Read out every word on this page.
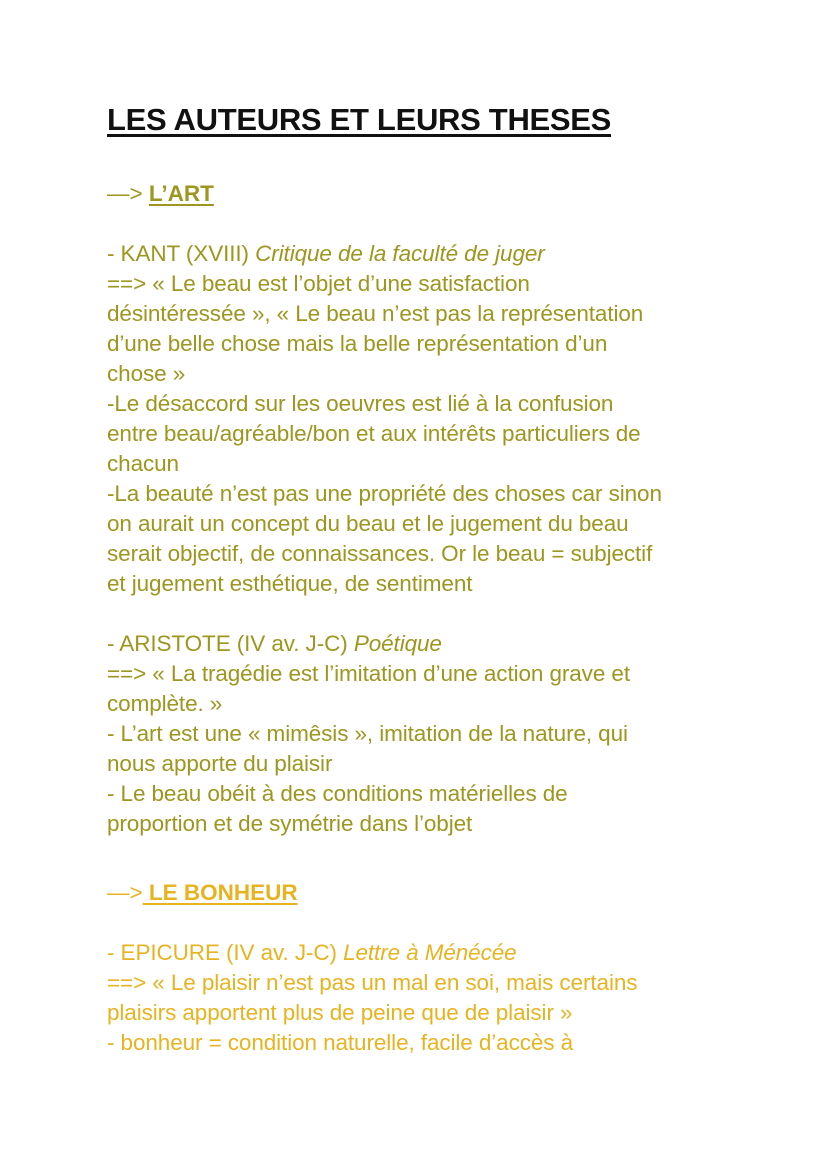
LES AUTEURS ET LEURS THESES
—> L’ART
- KANT (XVIII) Critique de la faculté de juger
==> « Le beau est l’objet d’une satisfaction
désintéressée », « Le beau n’est pas la représentation
d’une belle chose mais la belle représentation d’un
chose »
-Le désaccord sur les oeuvres est lié à la confusion
entre beau/agréable/bon et aux intérêts particuliers de
chacun
-La beauté n’est pas une propriété des choses car sinon
on aurait un concept du beau et le jugement du beau
serait objectif, de connaissances. Or le beau = subjectif
et jugement esthétique, de sentiment
- ARISTOTE (IV av. J-C) Poétique
==> « La tragédie est l’imitation d’une action grave et
complète. »
- L’art est une « mimêsis », imitation de la nature, qui
nous apporte du plaisir
- Le beau obéit à des conditions matérielles de
proportion et de symétrie dans l’objet
—> LE BONHEUR
- EPICURE (IV av. J-C) Lettre à Ménécée
==> « Le plaisir n’est pas un mal en soi, mais certains
plaisirs apportent plus de peine que de plaisir »
- bonheur = condition naturelle, facile d’accès à
